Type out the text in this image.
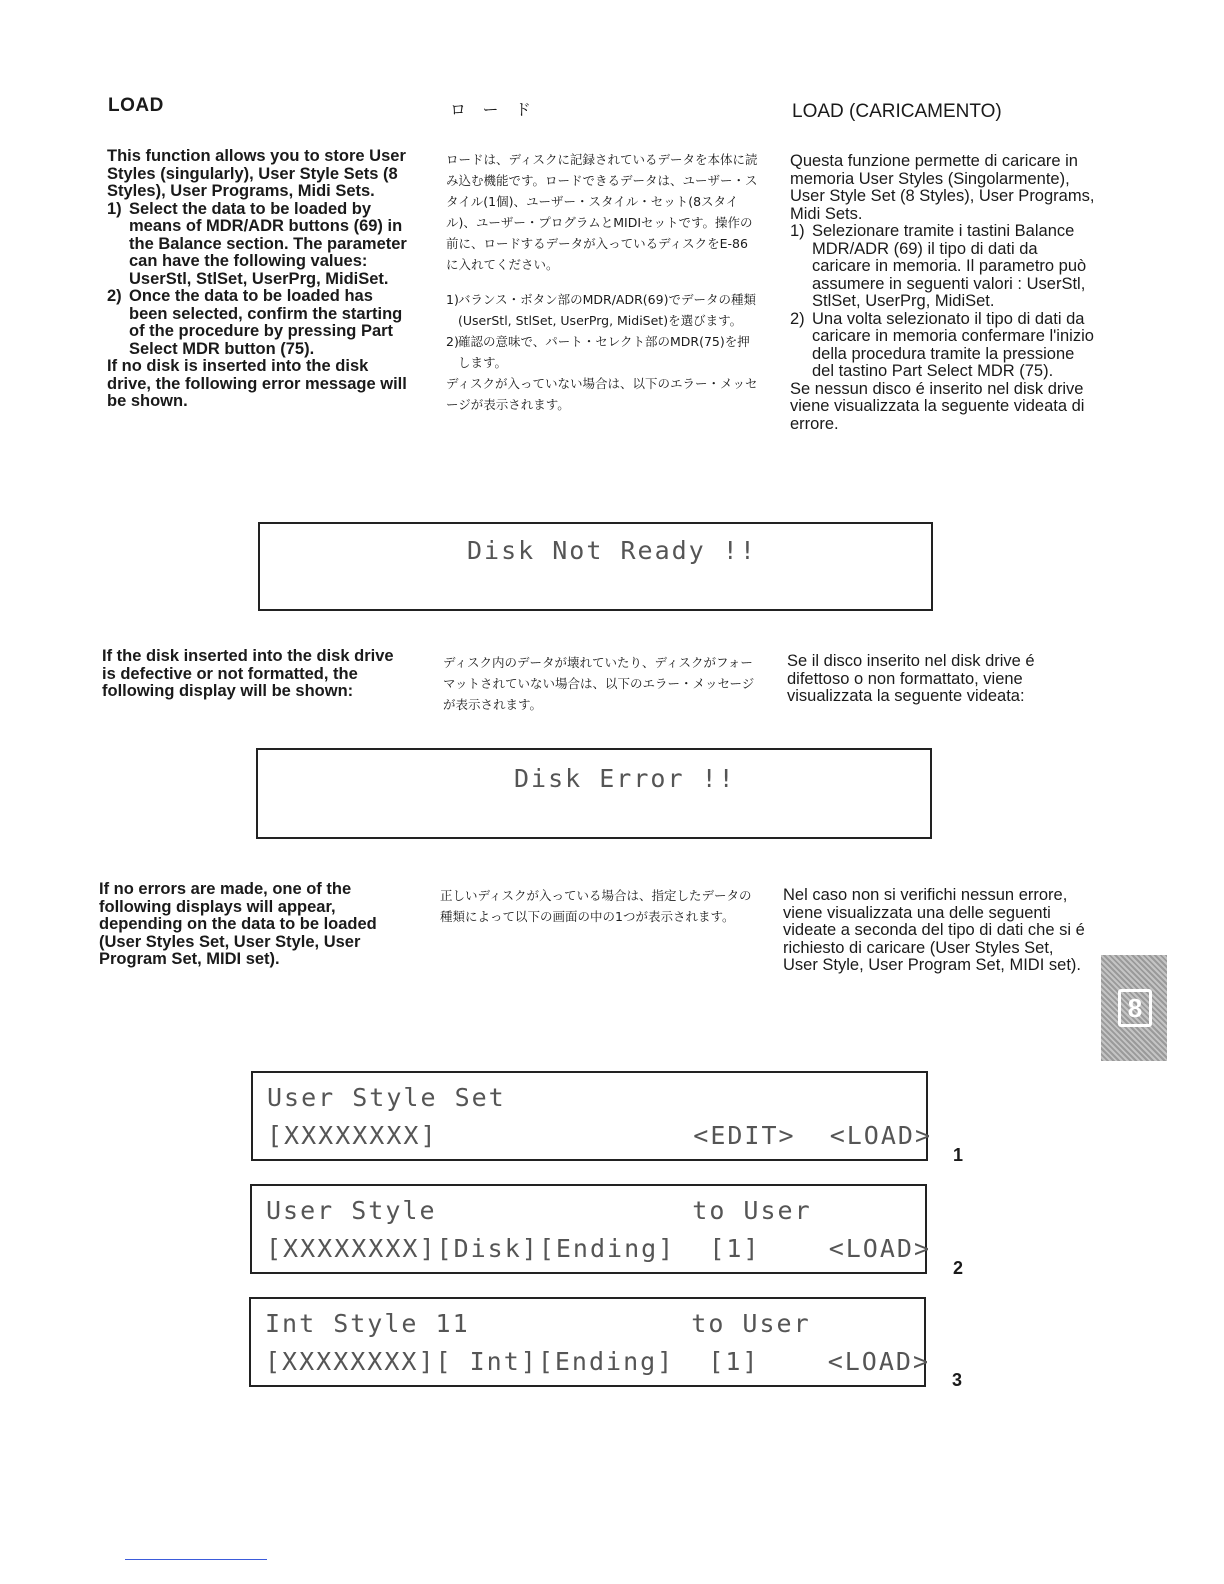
LOAD	ロ ー ド	LOAD (CARICAMENTO)

This function allows you to store User Styles (singularly), User Style Sets (8 Styles), User Programs, Midi Sets.

1) Select the data to be loaded by means of MDR/ADR buttons (69) in the Balance section. The parameter can have the following values: UserStl, StlSet, UserPrg, MidiSet.
2) Once the data to be loaded has been selected, confirm the starting of the procedure by pressing Part Select MDR button (75).

If no disk is inserted into the disk drive, the following error message will be shown.

ロードは、ディスクに記録されているデータを本体に読み込む機能です。ロードできるデータは、ユーザー・スタイル(1個)、ユーザー・スタイル・セット(8スタイル)、ユーザー・プログラムとMIDIセットです。操作の前に、ロードするデータが入っているディスクをE-86に入れてください。

1) バランス・ボタン部のMDR/ADR(69)でデータの種類(UserStl, StlSet, UserPrg, MidiSet)を選びます。
2) 確認の意味で、パート・セレクト部のMDR(75)を押します。

ディスクが入っていない場合は、以下のエラー・メッセージが表示されます。

Questa funzione permette di caricare in memoria User Styles (Singolarmente), User Style Set (8 Styles), User Programs, Midi Sets.

1) Selezionare tramite i tastini Balance MDR/ADR (69) il tipo di dati da caricare in memoria. Il parametro può assumere in seguenti valori : UserStl, StlSet, UserPrg, MidiSet.
2) Una volta selezionato il tipo di dati da caricare in memoria confermare l'inizio della procedura tramite la pressione del tastino Part Select MDR (75).

Se nessun disco é inserito nel disk drive viene visualizzata la seguente videata di errore.

Disk Not Ready !!

If the disk inserted into the disk drive is defective or not formatted, the following display will be shown:
ディスク内のデータが壊れていたり、ディスクがフォーマットされていない場合は、以下のエラー・メッセージが表示されます。
Se il disco inserito nel disk drive é difettoso o non formattato, viene visualizzata la seguente videata:

Disk Error !!

If no errors are made, one of the following displays will appear, depending on the data to be loaded (User Styles Set, User Style, User Program Set, MIDI set).
正しいディスクが入っている場合は、指定したデータの種類によって以下の画面の中の1つが表示されます。
Nel caso non si verifichi nessun errore, viene visualizzata una delle seguenti videate a seconda del tipo di dati che si é richiesto di caricare (User Styles Set, User Style, User Program Set, MIDI set).
8

User Style Set

[XXXXXXXX]               <EDIT>  <LOAD>

1

User Style               to User

[XXXXXXXX][Disk][Ending]  [1]    <LOAD>

2

Int Style 11             to User

[XXXXXXXX][ Int][Ending]  [1]    <LOAD>

3
